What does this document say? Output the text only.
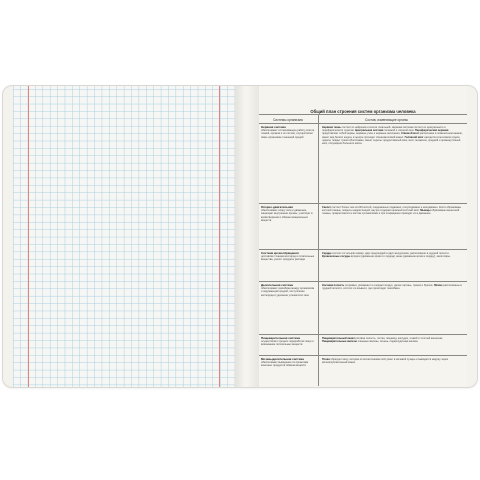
Общий план строения систем организма человека
Системы организма	Состав, изменяющие органы
Нервная система
обеспечивает согласованную работу клеток, тканей, органов и их систем, осуществляет связь организма с внешней средой
Нервная ткань состоит из нейронов и клеток глиальной. Нервная система состоит из центрального и периферического отделов. Центральная система головной и спинной мозг. Периферическая нервная представляет собой нервы, нервные узлы и нервные окончания. Спинной мозг расположен в позвоночном канале, имеет вид белого шнура, в центре проходит спинномозговой канал. Головной мозг находится в мозговом отделе черепа, покрыт тремя оболочками, имеет отделы: продолговатый мозг, мост, мозжечок, средний и промежуточный мозг, полушария большого мозга.
Опорно-двигательная
обеспечивает опору тела и движение, защищает внутренние органы, участвует в кроветворении и обмене минеральных веществ
Скелет состоит более чем из 200 костей, соединённых подвижно, полуподвижно и неподвижно. Кости образованы костной тканью, покрыты надкостницей, внутри содержат красный костный мозг. Мышцы образованы мышечной тканью, прикрепляются к костям сухожилиями и при сокращении приводят их в движение.
Система кровообращения
доставляет тканям кислород и питательные вещества, уносит продукты распада
Сердце состоит из четырёх камер: двух предсердий и двух желудочков, расположено в грудной полости. Кровеносные сосуды артерии (движение крови от сердца), вены (движение крови к сердцу), капилляры.
Дыхательная система
обеспечивает газообмен между организмом и окружающей средой, поступление кислорода и удаление углекислого газа
Носовая полость согревает, увлажняет и очищает воздух, далее гортань, трахея и бронхи. Лёгкие расположены в грудной полости, состоят из альвеол, где происходит газообмен.
Пищеварительная система
осуществляет процесс переработки пищи и всасывание питательных веществ
Пищеварительный канал ротовая полость, глотка, пищевод, желудок, тонкий и толстый кишечник. Пищеварительные железы слюнные железы, печень, поджелудочная железа.
Мочевыделительная система
обеспечивает выведение из организма конечных продуктов обмена веществ
Почки образуют мочу, которая по мочеточникам поступает в мочевой пузырь и выводится наружу через мочеиспускательный канал.
